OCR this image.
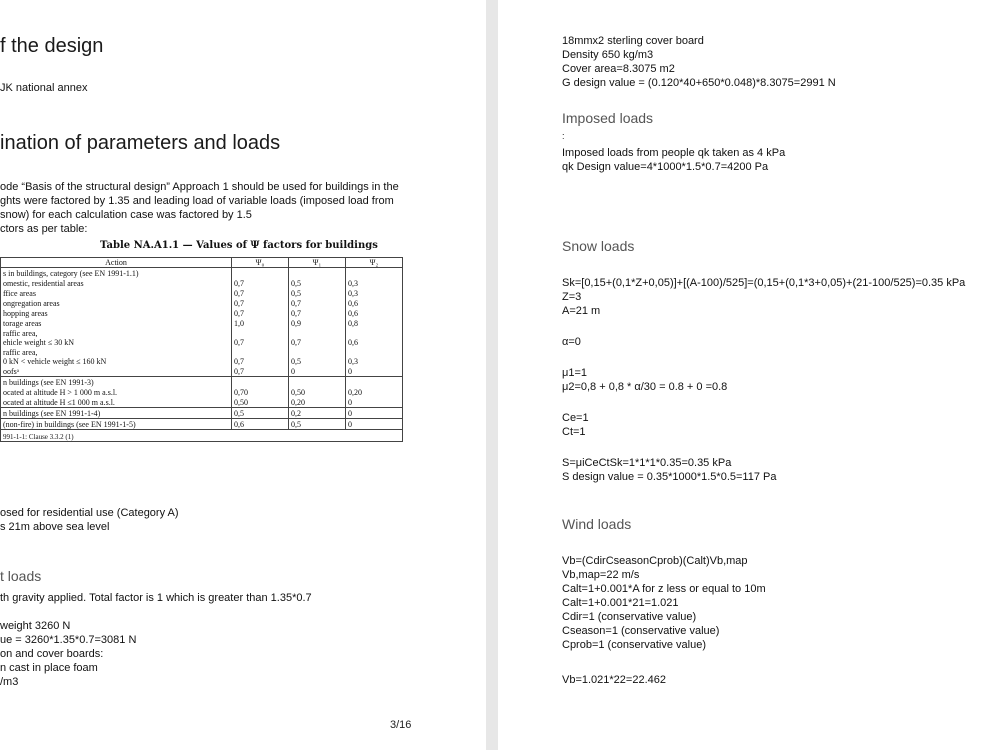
f the design
JK national annex
ination of parameters and loads
ode “Basis of the structural design” Approach 1 should be used for buildings in the
ghts were factored by 1.35 and leading load of variable loads (imposed load from
snow) for each calculation case was factored by 1.5
ctors as per table:
Table NA.A1.1 — Values of Ψ factors for buildings
Action	Ψ₀	Ψ₁	Ψ₂
s in buildings, category (see EN 1991-1.1)			
omestic, residential areas	0,7	0,5	0,3
ffice areas	0,7	0,5	0,3
ongregation areas	0,7	0,7	0,6
hopping areas	0,7	0,7	0,6
torage areas	1,0	0,9	0,8
raffic area,
ehicle weight ≤ 30 kN	0,7	0,7	0,6
raffic area,
0 kN < vehicle weight ≤ 160 kN	0,7	0,5	0,3
oofsᵃ	0,7	0	0
n buildings (see EN 1991-3)			
ocated at altitude H > 1 000 m a.s.l.	0,70	0,50	0,20
ocated at altitude H ≤1 000 m a.s.l.	0,50	0,20	0
n buildings (see EN 1991-1-4)	0,5	0,2	0
(non-fire) in buildings (see EN 1991-1-5)	0,6	0,5	0
991-1-1: Clause 3.3.2 (1)			
osed for residential use (Category A)
s 21m above sea level
t loads
th gravity applied. Total factor is 1 which is greater than 1.35*0.7
weight 3260 N
ue = 3260*1.35*0.7=3081 N
on and cover boards:
n cast in place foam
/m3
3/16
18mmx2 sterling cover board
Density 650 kg/m3
Cover area=8.3075 m2
G design value = (0.120*40+650*0.048)*8.3075=2991 N
Imposed loads
:
Imposed loads from people qk taken as 4 kPa
qk Design value=4*1000*1.5*0.7=4200 Pa
Snow loads
Sk=[0,15+(0,1*Z+0,05)]+[(A-100)/525]=(0,15+(0,1*3+0,05)+(21-100/525)=0.35 kPa
Z=3
A=21 m
α=0
μ1=1
μ2=0,8 + 0,8 * α/30 = 0.8 + 0 =0.8
Ce=1
Ct=1
S=μiCeCtSk=1*1*1*0.35=0.35 kPa
S design value = 0.35*1000*1.5*0.5=117 Pa
Wind loads
Vb=(CdirCseasonCprob)(Calt)Vb,map
Vb,map=22 m/s
Calt=1+0.001*A for z less or equal to 10m
Calt=1+0.001*21=1.021
Cdir=1 (conservative value)
Cseason=1 (conservative value)
Cprob=1 (conservative value)
Vb=1.021*22=22.462
